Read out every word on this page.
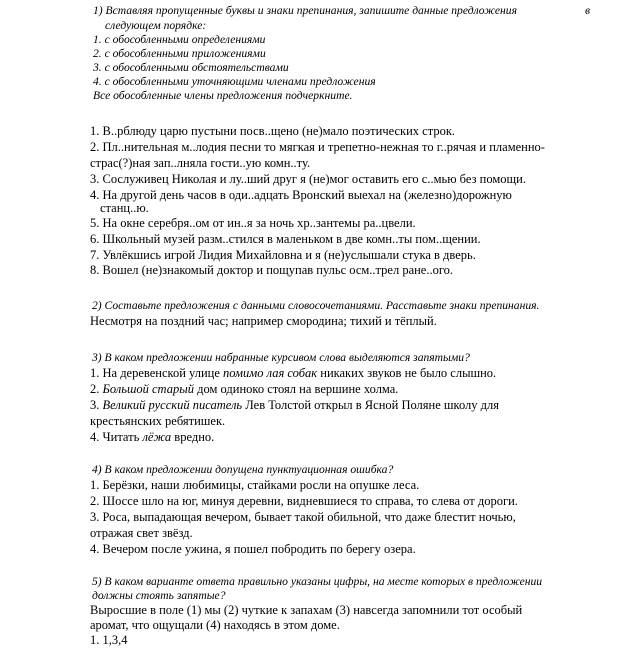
1) Вставляя пропущенные буквы и знаки препинания, запишите данные предложения	в
следующем порядке:
1. с обособленными определениями
2. с обособленными приложениями
3. с обособленными обстоятельствами
4. с обособленными уточняющими членами предложения
Все обособленные члены предложения подчеркните.
1. В..рблюду царю пустыни посв..щено (не)мало поэтических строк.
2. Пл..нительная м..лодия песни то мягкая и трепетно-нежная то г..рячая и пламенно-
страс(?)ная зап..лняла гости..ую комн..ту.
3. Сослуживец Николая и лу..ший друг я (не)мог оставить его с..мью без помощи.
4. На другой день часов в оди..адцать Вронский выехал на (железно)дорожную
станц..ю.
5. На окне серебря..ом от ин..я за ночь хр..зантемы ра..цвели.
6. Школьный музей разм..стился в маленьком в две комн..ты пом..щении.
7. Увлёкшись игрой Лидия Михайловна и я (не)услышали стука в дверь.
8. Вошел (не)знакомый доктор и пощупав пульс осм..трел ране..ого.
2) Составьте предложения с данными словосочетаниями. Расставьте знаки препинания.
Несмотря на поздний час; например смородина; тихий и тёплый.
3) В каком предложении набранные курсивом слова выделяются запятыми?
1. На деревенской улице помимо лая собак никаких звуков не было слышно.
2. Большой старый дом одиноко стоял на вершине холма.
3. Великий русский писатель Лев Толстой открыл в Ясной Поляне школу для
крестьянских ребятишек.
4. Читать лёжа вредно.
4) В каком предложении допущена пунктуационная ошибка?
1. Берёзки, наши любимицы, стайками росли на опушке леса.
2. Шоссе шло на юг, минуя деревни, видневшиеся то справа, то слева от дороги.
3. Роса, выпадающая вечером, бывает такой обильной, что даже блестит ночью,
отражая свет звёзд.
4. Вечером после ужина, я пошел побродить по берегу озера.
5) В каком варианте ответа правильно указаны цифры, на месте которых в предложении
должны стоять запятые?
Выросшие в поле (1) мы (2) чуткие к запахам (3) навсегда запомнили тот особый
аромат, что ощущали (4) находясь в этом доме.
1. 1,3,4
